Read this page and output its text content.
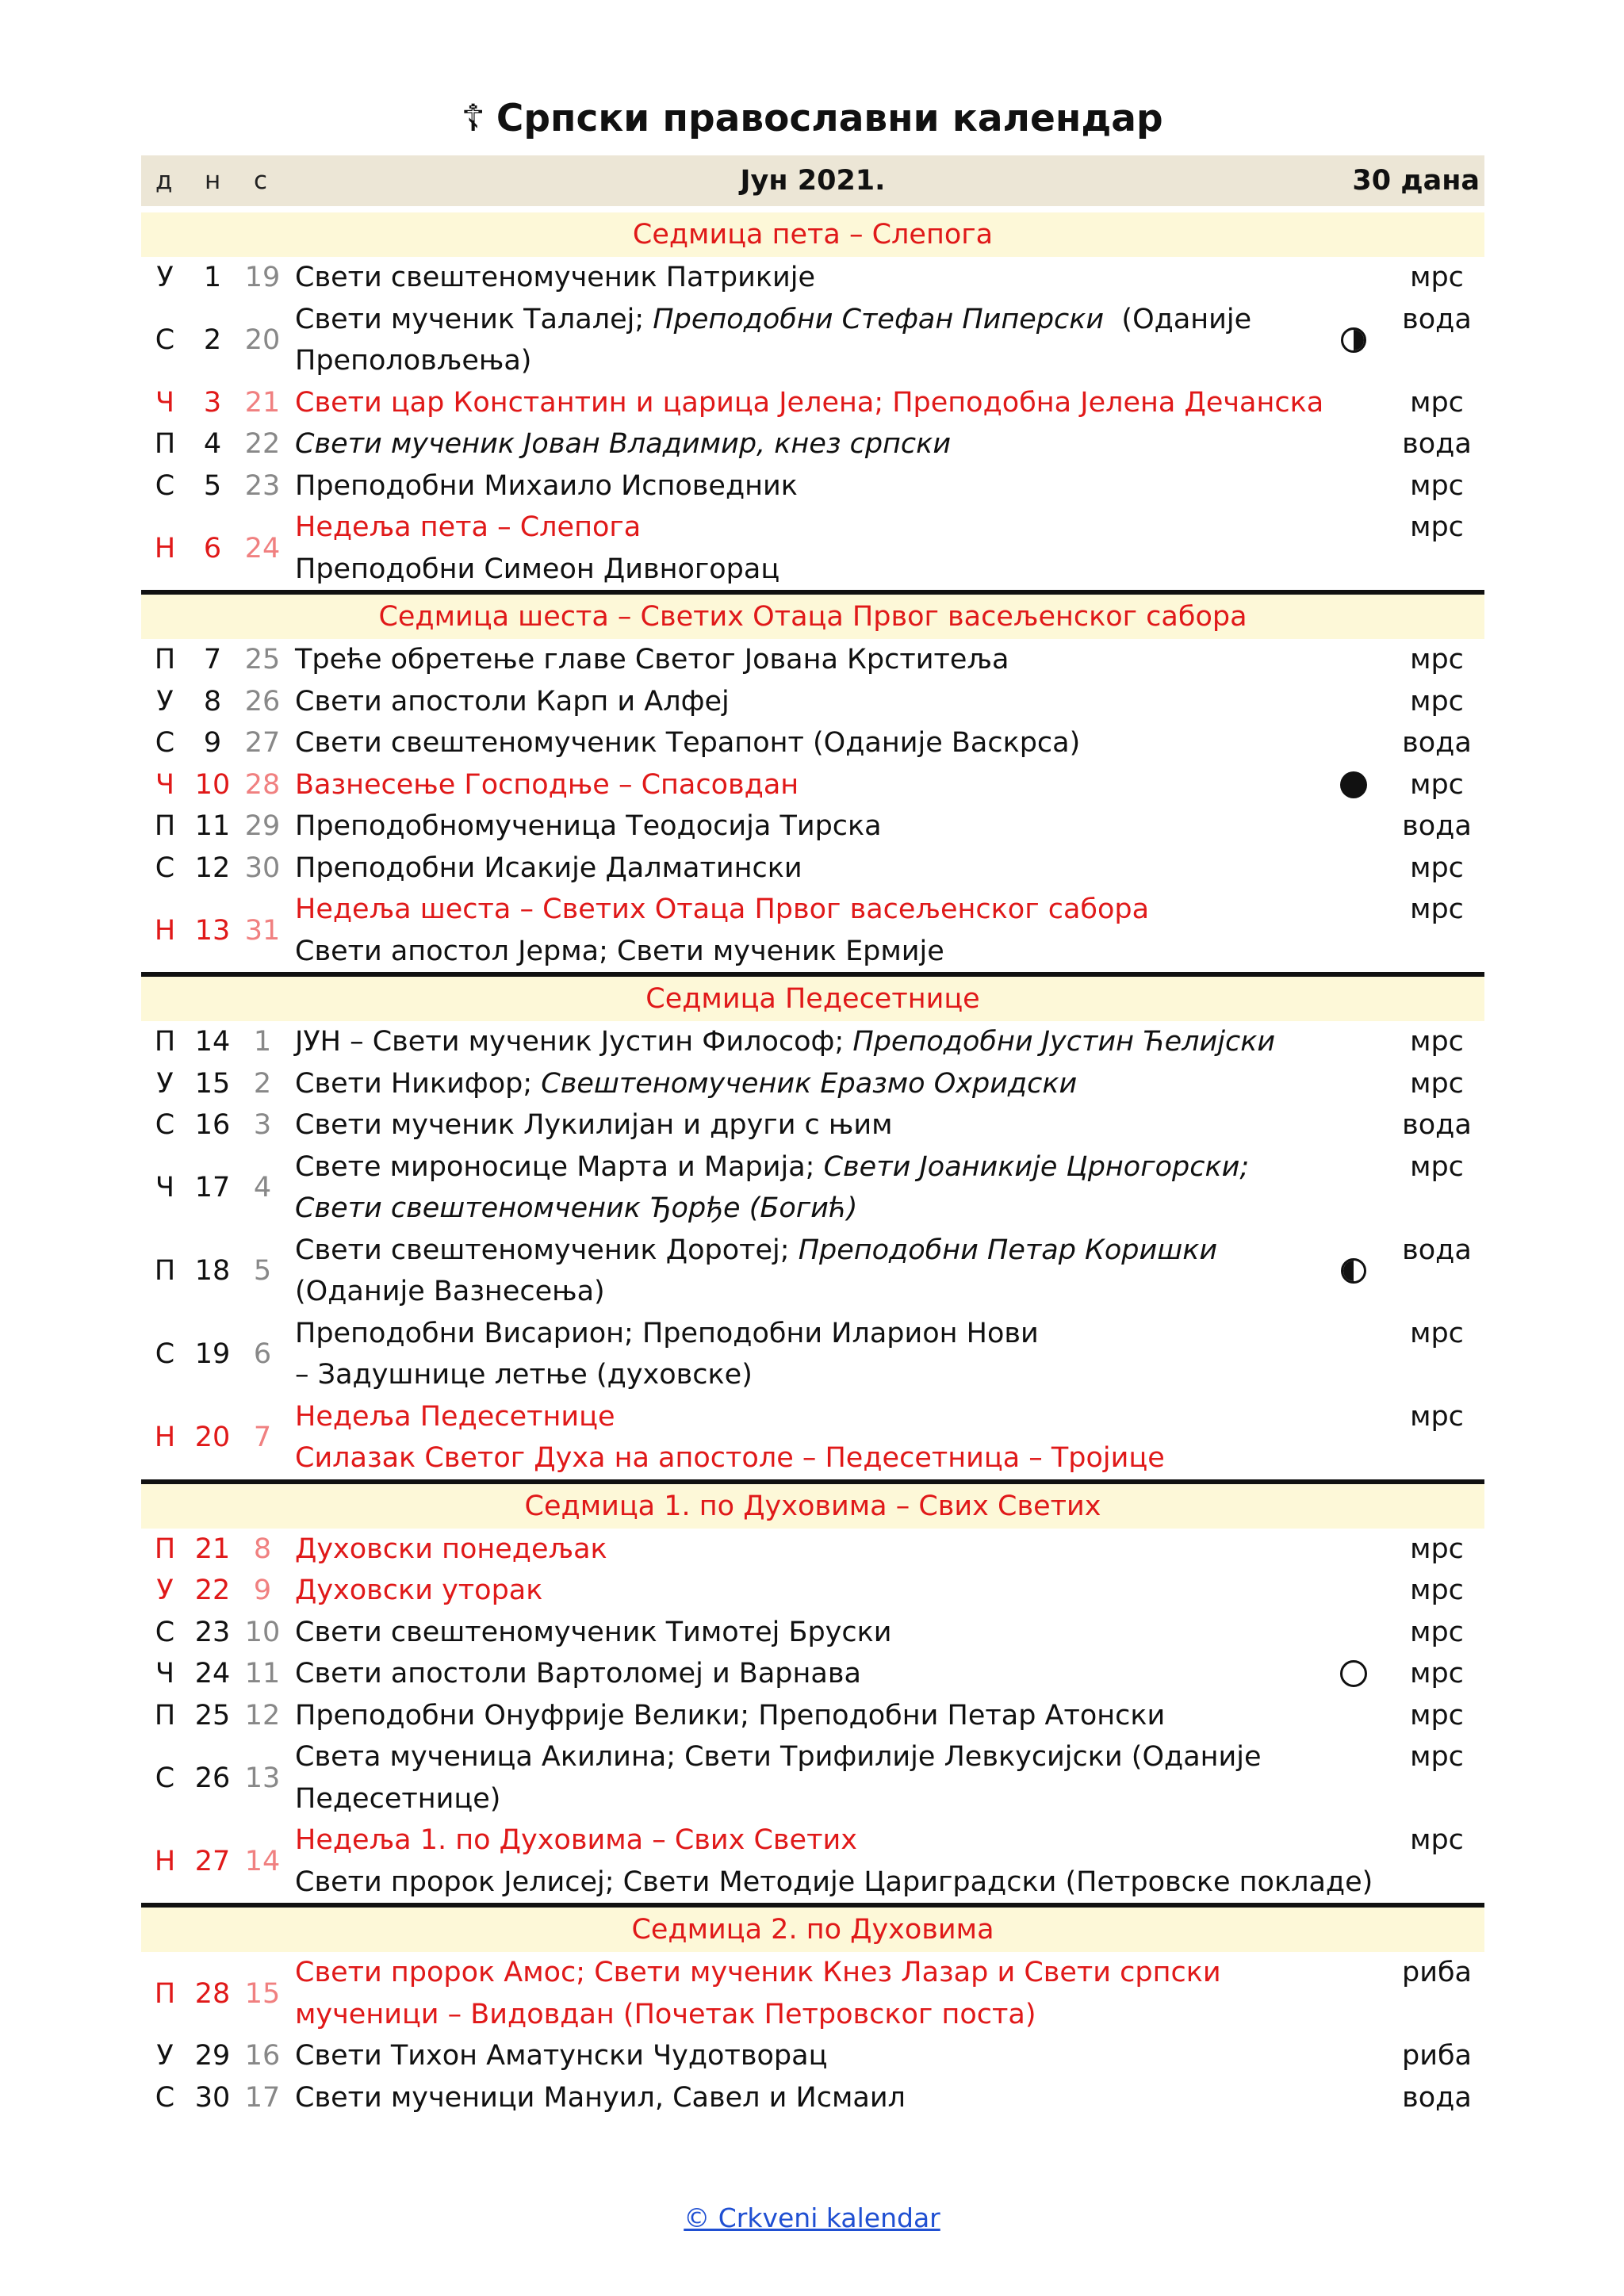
☦ Српски православни календар
д н с	Јун 2021.	30 дана
Седмица пета – Слепога
У	1 19 Свети свештеномученик Патрикије	мрс
С	2 20
Свети мученик Талалеј; Преподобни Стефан Пиперски  (Оданије
Преполовљења)
вода
Ч	3 21 Свети цар Константин и царица Јелена; Преподобна Јелена Дечанска	мрс
П	4 22 Свети мученик Јован Владимир, кнез српски	вода
С	5 23 Преподобни Михаило Исповедник	мрс
Н	6 24
Недеља пета – Слепога
Преподобни Симеон Дивногорац
мрс
Седмица шеста – Светих Отаца Првог васељенског сабора
П	7 25 Треће обретење главе Светог Јована Крститеља	мрс
У	8 26 Свети апостоли Карп и Алфеј	мрс
С	9 27 Свети свештеномученик Терапонт (Оданије Васкрса)	вода
Ч 10 28 Вазнесење Господње – Спасовдан	мрс
П 11 29 Преподобномученица Теодосија Тирска	вода
С 12 30 Преподобни Исакије Далматински	мрс
Н 13 31
Недеља шеста – Светих Отаца Првог васељенског сабора
Свети апостол Јерма; Свети мученик Ермије
мрс
Седмица Педесетнице
П 14 1 ЈУН – Свети мученик Јустин Философ; Преподобни Јустин Ћелијски	мрс
У 15 2 Свети Никифор; Свештеномученик Еразмо Охридски	мрс
С 16 3 Свети мученик Лукилијан и други с њим	вода
Ч 17 4
Свете мироносице Марта и Марија; Свети Јоаникије Црногорски;
Свети свештеномченик Ђорђе (Богић)
мрс
П 18 5
Свети свештеномученик Доротеј; Преподобни Петар Коришки
(Оданије Вазнесења)
вода
С 19 6
Преподобни Висарион; Преподобни Иларион Нови
– Задушнице летње (духовске)
мрс
Н 20 7
Недеља Педесетнице
Силазак Светог Духа на апостоле – Педесетница – Тројице
мрс
Седмица 1. по Духовима – Свих Светих
П 21 8 Духовски понедељак	мрс
У 22 9 Духовски уторак	мрс
С 23 10 Свети свештеномученик Тимотеј Бруски	мрс
Ч 24 11 Свети апостоли Вартоломеј и Варнава	мрс
П 25 12 Преподобни Онуфрије Велики; Преподобни Петар Атонски	мрс
С 26 13
Света мученица Акилина; Свети Трифилије Левкусијски (Оданије
Педесетнице)
мрс
Н 27 14
Недеља 1. по Духовима – Свих Светих
Свети пророк Јелисеј; Свети Методије Цариградски (Петровске покладе)
мрс
Седмица 2. по Духовима
П 28 15
Свети пророк Амос; Свети мученик Кнез Лазар и Свети српски
мученици – Видовдан (Почетак Петровског поста)
риба
У 29 16 Свети Тихон Аматунски Чудотворац	риба
С 30 17 Свети мученици Мануил, Савел и Исмаил	вода
© Crkveni kalendar
